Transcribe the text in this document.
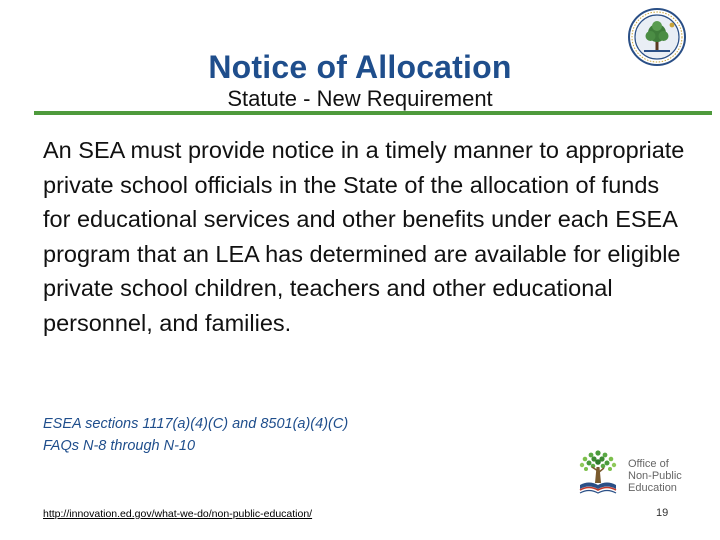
Notice of Allocation
Statute - New Requirement
An SEA must provide notice in a timely manner to appropriate private school officials in the State of the allocation of funds for educational services and other benefits under each ESEA program that an LEA has determined are available for eligible private school children, teachers and other educational personnel, and families.
ESEA sections 1117(a)(4)(C) and 8501(a)(4)(C)
FAQs N-8 through N-10
Office of
Non-Public
Education
http://innovation.ed.gov/what-we-do/non-public-education/	19
